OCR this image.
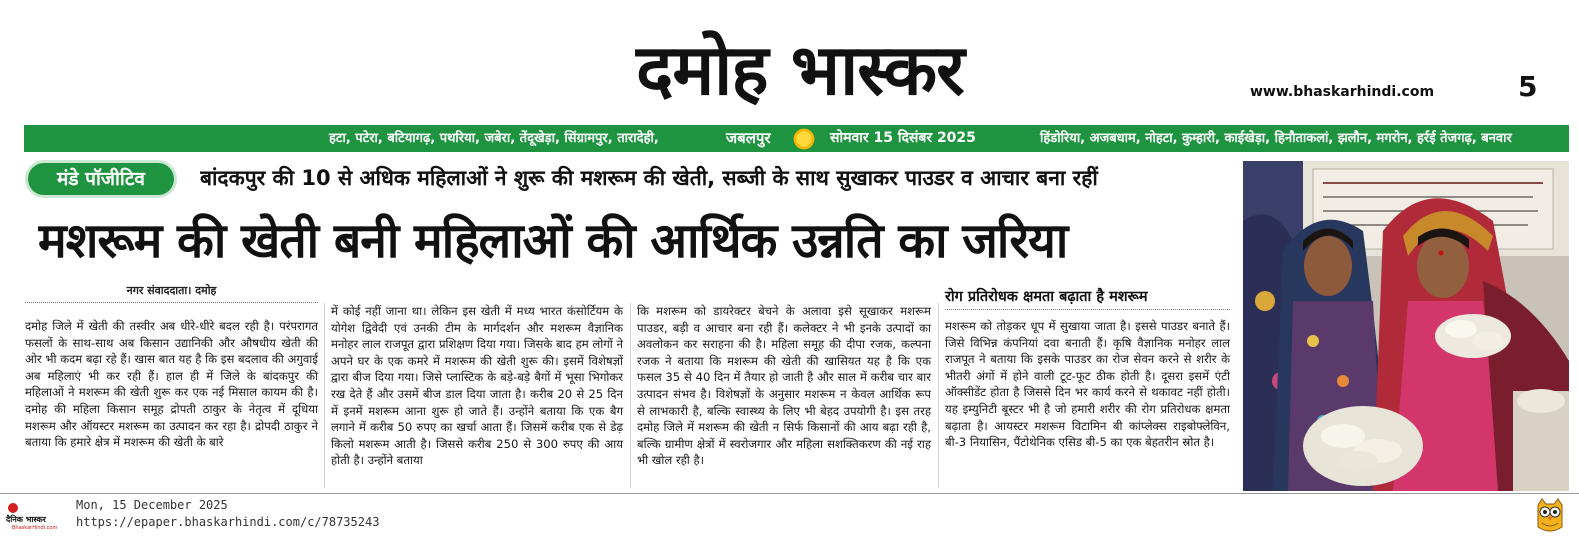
दमोह भास्कर	www.bhaskarhindi.com	5
हटा, पटेरा, बटियागढ़, पथरिया, जबेरा, तेंदूखेड़ा, सिंग्रामपुर, तारादेही,	जबलपुर	सोमवार 15 दिसंबर 2025	हिंडोरिया, अजबधाम, नोहटा, कुम्हारी, काईखेड़ा, हिनौताकलां, झलौन, मगरोन, हर्रई तेजगढ़, बनवार
मंडे पॉजीटिव	बांदकपुर की 10 से अधिक महिलाओं ने शुरू की मशरूम की खेती, सब्जी के साथ सुखाकर पाउडर व आचार बना रहीं
मशरूम की खेती बनी महिलाओं की आर्थिक उन्नति का जरिया
नगर संवाददाता। दमोह
दमोह जिले में खेती की तस्वीर अब धीरे-धीरे बदल रही है। परंपरागत फसलों के साथ-साथ अब किसान उद्यानिकी और औषधीय खेती की ओर भी कदम बढ़ा रहे हैं। खास बात यह है कि इस बदलाव की अगुवाई अब महिलाएं भी कर रही हैं। हाल ही में जिले के बांदकपुर की महिलाओं ने मशरूम की खेती शुरू कर एक नई मिसाल कायम की है। दमोह की महिला किसान समूह द्रोपती ठाकुर के नेतृत्व में दूधिया मशरूम और ऑयस्टर मशरूम का उत्पादन कर रहा है। द्रोपदी ठाकुर ने बताया कि हमारे क्षेत्र में मशरूम की खेती के बारे
में कोई नहीं जाना था। लेकिन इस खेती में मध्य भारत कंसोर्टियम के योगेश द्विवेदी एवं उनकी टीम के मार्गदर्शन और मशरूम वैज्ञानिक मनोहर लाल राजपूत द्वारा प्रशिक्षण दिया गया। जिसके बाद हम लोगों ने अपने घर के एक कमरे में मशरूम की खेती शुरू की। इसमें विशेषज्ञों द्वारा बीज दिया गया। जिसे प्लास्टिक के बड़े-बड़े बैगों में भूसा भिगोकर रख देते हैं और उसमें बीज डाल दिया जाता है। करीब 20 से 25 दिन में इनमें मशरूम आना शुरू हो जाते हैं। उन्होंने बताया कि एक बैग लगाने में करीब 50 रुपए का खर्चा आता हैं। जिसमें करीब एक से डेढ़ किलो मशरूम आती है। जिससे करीब 250 से 300 रुपए की आय होती है। उन्होंने बताया
कि मशरूम को डायरेक्टर बेचने के अलावा इसे सूखाकर मशरूम पाउडर, बड़ी व आचार बना रही हैं। कलेक्टर ने भी इनके उत्पादों का अवलोकन कर सराहना की है। महिला समूह की दीपा रजक, कल्पना रजक ने बताया कि मशरूम की खेती की खासियत यह है कि एक फसल 35 से 40 दिन में तैयार हो जाती है और साल में करीब चार बार उत्पादन संभव है। विशेषज्ञों के अनुसार मशरूम न केवल आर्थिक रूप से लाभकारी है, बल्कि स्वास्थ्य के लिए भी बेहद उपयोगी है। इस तरह दमोह जिले में मशरूम की खेती न सिर्फ किसानों की आय बढ़ा रही है, बल्कि ग्रामीण क्षेत्रों में स्वरोजगार और महिला सशक्तिकरण की नई राह भी खोल रही है।
रोग प्रतिरोधक क्षमता बढ़ाता है मशरूम
मशरूम को तोड़कर धूप में सुखाया जाता है। इससे पाउडर बनाते हैं। जिसे विभिन्न कंपनियां दवा बनाती हैं। कृषि वैज्ञानिक मनोहर लाल राजपूत ने बताया कि इसके पाउडर का रोज सेवन करने से शरीर के भीतरी अंगों में होने वाली टूट-फूट ठीक होती है। दूसरा इसमें एंटी ऑक्सीडेंट होता है जिससे दिन भर कार्य करने से थकावट नहीं होती। यह इम्युनिटी बूस्टर भी है जो हमारी शरीर की रोग प्रतिरोधक क्षमता बढ़ाता है। आयस्टर मशरूम विटामिन बी कांप्लेक्स राइबोफ्लेविन, बी-3 नियासिन, पैंटोथेनिक एसिड बी-5 का एक बेहतरीन स्रोत है।
दैनिक भास्कर
BhaskarHindi.com
Mon, 15 December 2025
https://epaper.bhaskarhindi.com/c/78735243
